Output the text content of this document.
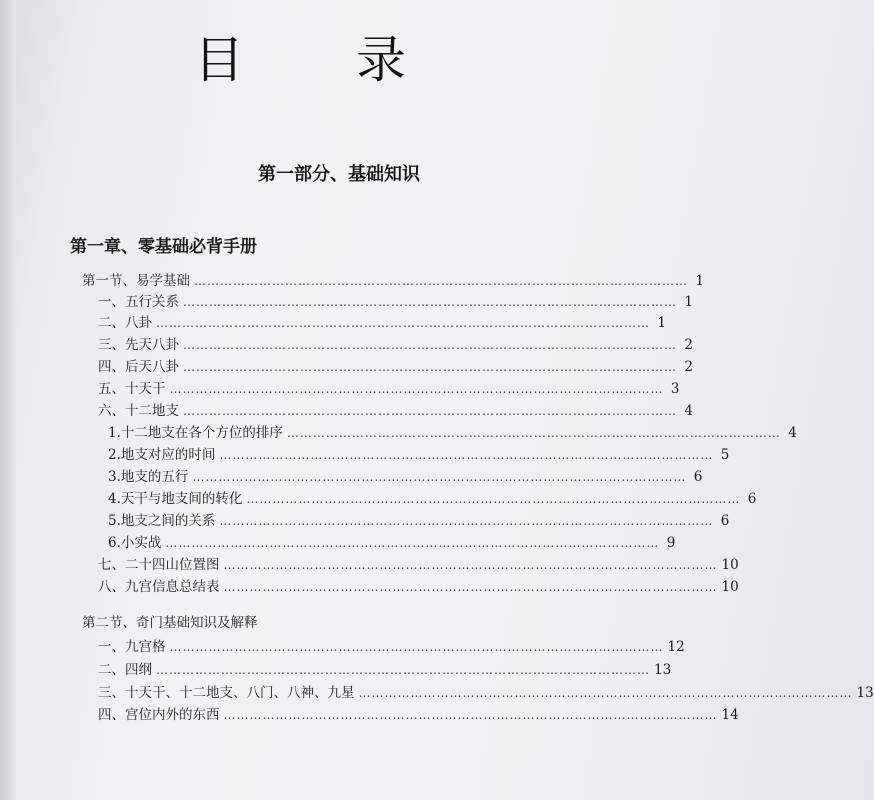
目 录
第一部分、基础知识
第一章、零基础必背手册
第一节、易学基础 …………………………………………………………………………………………………… 1
一、五行关系 …………………………………………………………………………………………………… 1
二、八卦 …………………………………………………………………………………………………… 1
三、先天八卦 …………………………………………………………………………………………………… 2
四、后天八卦 …………………………………………………………………………………………………… 2
五、十天干 …………………………………………………………………………………………………… 3
六、十二地支 …………………………………………………………………………………………………… 4
1.十二地支在各个方位的排序 …………………………………………………………………………………………………… 4
2.地支对应的时间 …………………………………………………………………………………………………… 5
3.地支的五行 …………………………………………………………………………………………………… 6
4.天干与地支间的转化 …………………………………………………………………………………………………… 6
5.地支之间的关系 …………………………………………………………………………………………………… 6
6.小实战 …………………………………………………………………………………………………… 9
七、二十四山位置图 …………………………………………………………………………………………………… 10
八、九宫信息总结表 …………………………………………………………………………………………………… 10
第二节、奇门基础知识及解释
一、九宫格 …………………………………………………………………………………………………… 12
二、四纲 …………………………………………………………………………………………………… 13
三、十天干、十二地支、八门、八神、九星 …………………………………………………………………………………………………… 13
四、宫位内外的东西 …………………………………………………………………………………………………… 14
